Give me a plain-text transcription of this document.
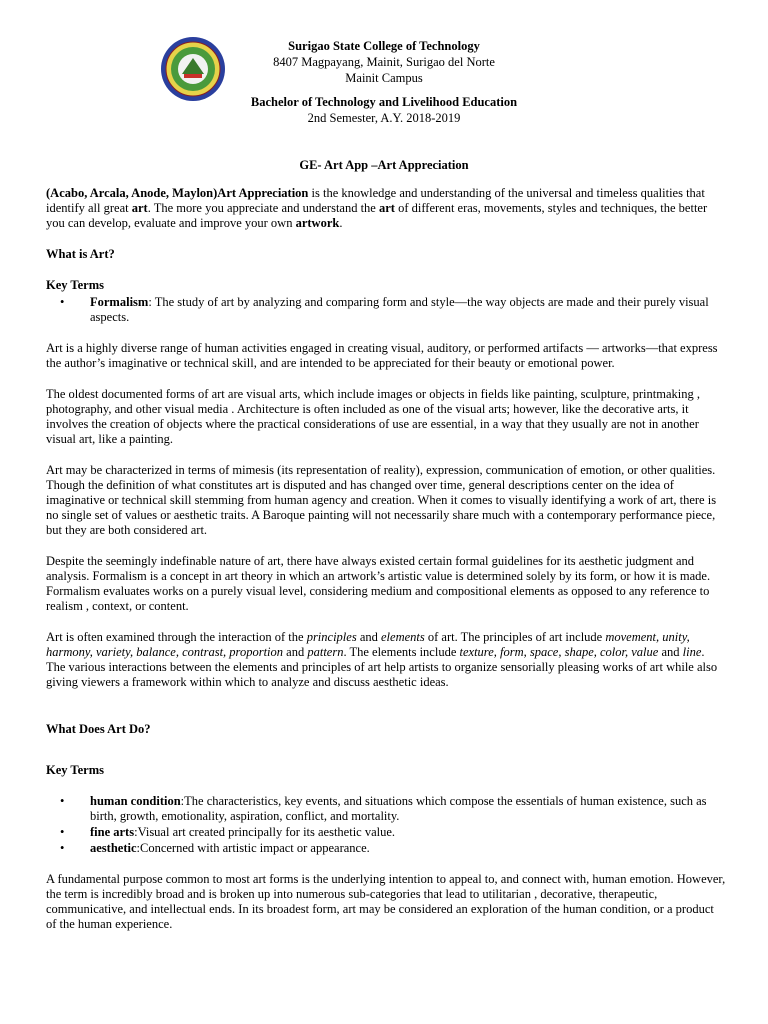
Surigao State College of Technology
8407 Magpayang, Mainit, Surigao del Norte
Mainit Campus
Bachelor of Technology and Livelihood Education
2nd Semester, A.Y. 2018-2019
GE- Art App –Art Appreciation

(Acabo, Arcala, Anode, Maylon)Art Appreciation is the knowledge and understanding of the universal and timeless qualities that identify all great art. The more you appreciate and understand the art of different eras, movements, styles and techniques, the better you can develop, evaluate and improve your own artwork.

What is Art?

Key Terms

• Formalism: The study of art by analyzing and comparing form and style—the way objects are made and their purely visual aspects.

Art is a highly diverse range of human activities engaged in creating visual, auditory, or performed artifacts — artworks—that express the author’s imaginative or technical skill, and are intended to be appreciated for their beauty or emotional power.

The oldest documented forms of art are visual arts, which include images or objects in fields like painting, sculpture, printmaking , photography, and other visual media . Architecture is often included as one of the visual arts; however, like the decorative arts, it involves the creation of objects where the practical considerations of use are essential, in a way that they usually are not in another visual art, like a painting.

Art may be characterized in terms of mimesis (its representation of reality), expression, communication of emotion, or other qualities. Though the definition of what constitutes art is disputed and has changed over time, general descriptions center on the idea of imaginative or technical skill stemming from human agency and creation. When it comes to visually identifying a work of art, there is no single set of values or aesthetic traits. A Baroque painting will not necessarily share much with a contemporary performance piece, but they are both considered art.

Despite the seemingly indefinable nature of art, there have always existed certain formal guidelines for its aesthetic judgment and analysis. Formalism is a concept in art theory in which an artwork’s artistic value is determined solely by its form, or how it is made. Formalism evaluates works on a purely visual level, considering medium and compositional elements as opposed to any reference to realism , context, or content.

Art is often examined through the interaction of the principles and elements of art. The principles of art include movement, unity, harmony, variety, balance, contrast, proportion and pattern. The elements include texture, form, space, shape, color, value and line. The various interactions between the elements and principles of art help artists to organize sensorially pleasing works of art while also giving viewers a framework within which to analyze and discuss aesthetic ideas.

What Does Art Do?

Key Terms

• human condition:The characteristics, key events, and situations which compose the essentials of human existence, such as birth, growth, emotionality, aspiration, conflict, and mortality.
• fine arts:Visual art created principally for its aesthetic value.
• aesthetic:Concerned with artistic impact or appearance.

A fundamental purpose common to most art forms is the underlying intention to appeal to, and connect with, human emotion. However, the term is incredibly broad and is broken up into numerous sub-categories that lead to utilitarian , decorative, therapeutic, communicative, and intellectual ends. In its broadest form, art may be considered an exploration of the human condition, or a product of the human experience.
